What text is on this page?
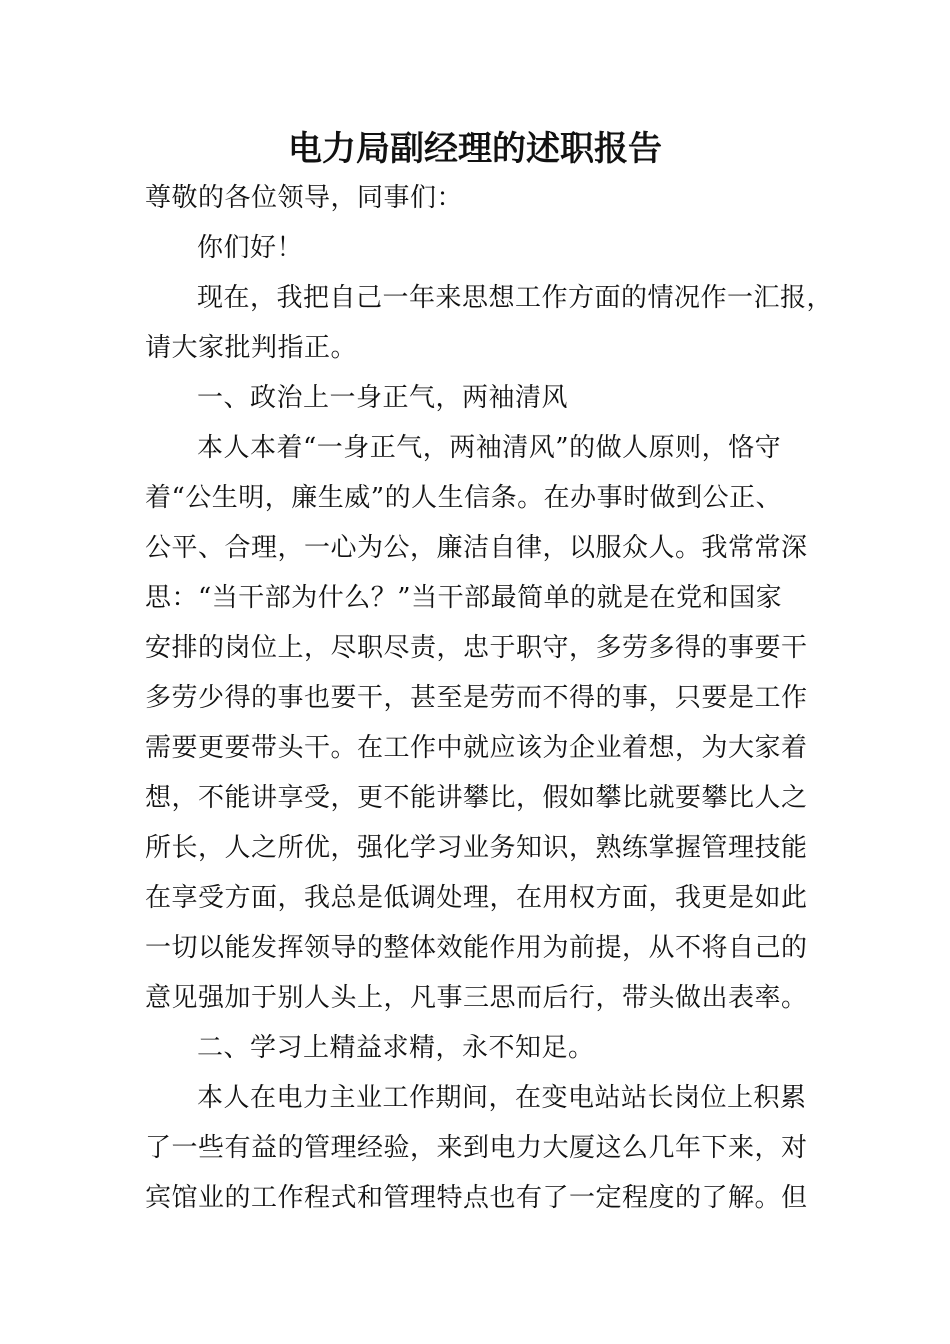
电力局副经理的述职报告
尊敬的各位领导，同事们：
你们好！
现在，我把自己一年来思想工作方面的情况作一汇报，
请大家批判指正。
一、政治上一身正气，两袖清风
本人本着“一身正气，两袖清风”的做人原则，恪守
着“公生明，廉生威”的人生信条。在办事时做到公正、
公平、合理，一心为公，廉洁自律，以服众人。我常常深
思：“当干部为什么？”当干部最简单的就是在党和国家
安排的岗位上，尽职尽责，忠于职守，多劳多得的事要干
多劳少得的事也要干，甚至是劳而不得的事，只要是工作
需要更要带头干。在工作中就应该为企业着想，为大家着
想，不能讲享受，更不能讲攀比，假如攀比就要攀比人之
所长，人之所优，强化学习业务知识，熟练掌握管理技能
在享受方面，我总是低调处理，在用权方面，我更是如此
一切以能发挥领导的整体效能作用为前提，从不将自己的
意见强加于别人头上，凡事三思而后行，带头做出表率。
二、学习上精益求精，永不知足。
本人在电力主业工作期间，在变电站站长岗位上积累
了一些有益的管理经验，来到电力大厦这么几年下来，对
宾馆业的工作程式和管理特点也有了一定程度的了解。但
